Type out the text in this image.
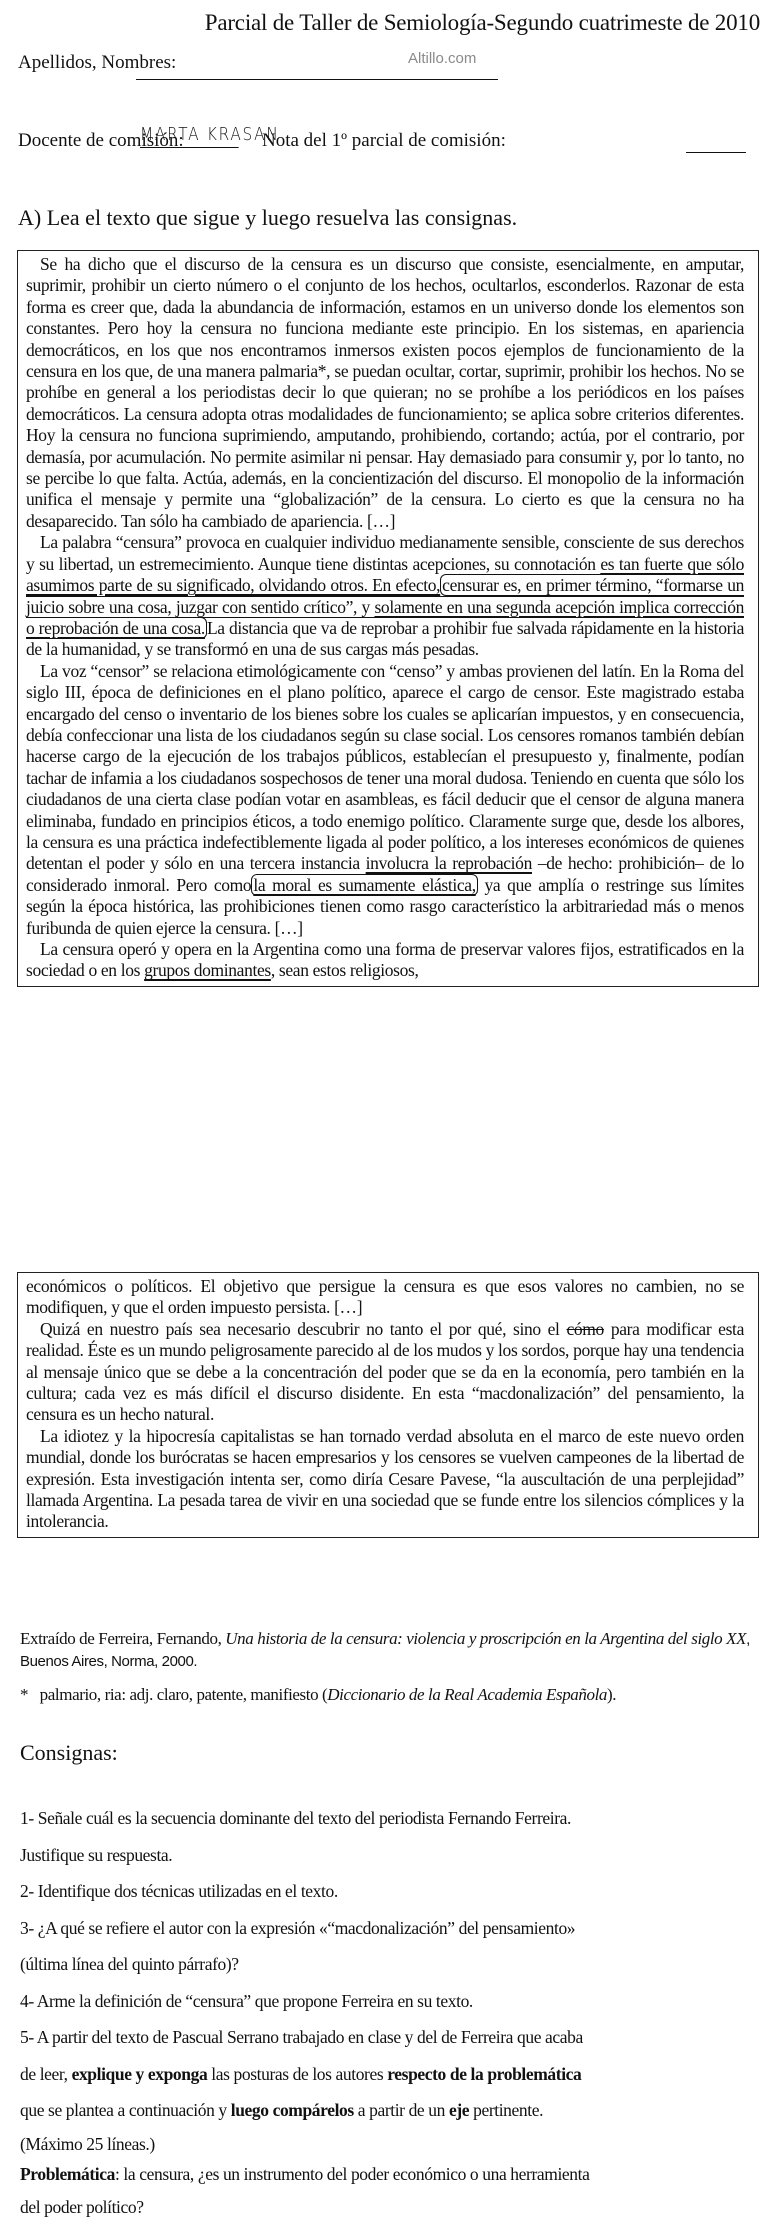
Parcial de Taller de Semiología-Segundo cuatrimeste de 2010
Apellidos, Nombres:	Altillo.com
Docente de comisión:
MARTA KRASAN
Nota del 1º parcial de comisión:
A) Lea el texto que sigue y luego resuelva las consignas.

Se ha dicho que el discurso de la censura es un discurso que consiste, esencialmente, en amputar, suprimir, prohibir un cierto número o el conjunto de los hechos, ocultarlos, esconderlos. Razonar de esta forma es creer que, dada la abundancia de información, estamos en un universo donde los elementos son constantes. Pero hoy la censura no funciona mediante este principio. En los sistemas, en apariencia democráticos, en los que nos encontramos inmersos existen pocos ejemplos de funcionamiento de la censura en los que, de una manera palmaria*, se puedan ocultar, cortar, suprimir, prohibir los hechos. No se prohíbe en general a los periodistas decir lo que quieran; no se prohíbe a los periódicos en los países democráticos. La censura adopta otras modalidades de funcionamiento; se aplica sobre criterios diferentes. Hoy la censura no funciona suprimiendo, amputando, prohibiendo, cortando; actúa, por el contrario, por demasía, por acumulación. No permite asimilar ni pensar. Hay demasiado para consumir y, por lo tanto, no se percibe lo que falta. Actúa, además, en la concientización del discurso. El monopolio de la información unifica el mensaje y permite una “globalización” de la censura. Lo cierto es que la censura no ha desaparecido. Tan sólo ha cambiado de apariencia. […]

La palabra “censura” provoca en cualquier individuo medianamente sensible, consciente de sus derechos y su libertad, un estremecimiento. Aunque tiene distintas acepciones, su connotación es tan fuerte que sólo asumimos parte de su significado, olvidando otros. En efecto, censurar es, en primer término, “formarse un juicio sobre una cosa, juzgar con sentido crítico”, y solamente en una segunda acepción implica corrección o reprobación de una cosa. La distancia que va de reprobar a prohibir fue salvada rápidamente en la historia de la humanidad, y se transformó en una de sus cargas más pesadas.

La voz “censor” se relaciona etimológicamente con “censo” y ambas provienen del latín. En la Roma del siglo III, época de definiciones en el plano político, aparece el cargo de censor. Este magistrado estaba encargado del censo o inventario de los bienes sobre los cuales se aplicarían impuestos, y en consecuencia, debía confeccionar una lista de los ciudadanos según su clase social. Los censores romanos también debían hacerse cargo de la ejecución de los trabajos públicos, establecían el presupuesto y, finalmente, podían tachar de infamia a los ciudadanos sospechosos de tener una moral dudosa. Teniendo en cuenta que sólo los ciudadanos de una cierta clase podían votar en asambleas, es fácil deducir que el censor de alguna manera eliminaba, fundado en principios éticos, a todo enemigo político. Claramente surge que, desde los albores, la censura es una práctica indefectiblemente ligada al poder político, a los intereses económicos de quienes detentan el poder y sólo en una tercera instancia involucra la reprobación –de hecho: prohibición– de lo considerado inmoral. Pero como la moral es sumamente elástica, ya que amplía o restringe sus límites según la época histórica, las prohibiciones tienen como rasgo característico la arbitrariedad más o menos furibunda de quien ejerce la censura. […]

La censura operó y opera en la Argentina como una forma de preservar valores fijos, estratificados en la sociedad o en los grupos dominantes, sean estos religiosos,

económicos o políticos. El objetivo que persigue la censura es que esos valores no cambien, no se modifiquen, y que el orden impuesto persista. […]

Quizá en nuestro país sea necesario descubrir no tanto el por qué, sino el cómo para modificar esta realidad. Éste es un mundo peligrosamente parecido al de los mudos y los sordos, porque hay una tendencia al mensaje único que se debe a la concentración del poder que se da en la economía, pero también en la cultura; cada vez es más difícil el discurso disidente. En esta “macdonalización” del pensamiento, la censura es un hecho natural.

La idiotez y la hipocresía capitalistas se han tornado verdad absoluta en el marco de este nuevo orden mundial, donde los burócratas se hacen empresarios y los censores se vuelven campeones de la libertad de expresión. Esta investigación intenta ser, como diría Cesare Pavese, “la auscultación de una perplejidad” llamada Argentina. La pesada tarea de vivir en una sociedad que se funde entre los silencios cómplices y la intolerancia.

Extraído de Ferreira, Fernando, Una historia de la censura: violencia y proscripción en la Argentina del siglo XX, Buenos Aires, Norma, 2000.
* palmario, ria: adj. claro, patente, manifiesto (Diccionario de la Real Academia Española).
Consignas:
1- Señale cuál es la secuencia dominante del texto del periodista Fernando Ferreira.
Justifique su respuesta.
2- Identifique dos técnicas utilizadas en el texto.
3- ¿A qué se refiere el autor con la expresión «“macdonalización” del pensamiento»
(última línea del quinto párrafo)?
4- Arme la definición de “censura” que propone Ferreira en su texto.
5- A partir del texto de Pascual Serrano trabajado en clase y del de Ferreira que acaba
de leer, explique y exponga las posturas de los autores respecto de la problemática
que se plantea a continuación y luego compárelos a partir de un eje pertinente.
(Máximo 25 líneas.)
Problemática: la censura, ¿es un instrumento del poder económico o una herramienta
del poder político?
